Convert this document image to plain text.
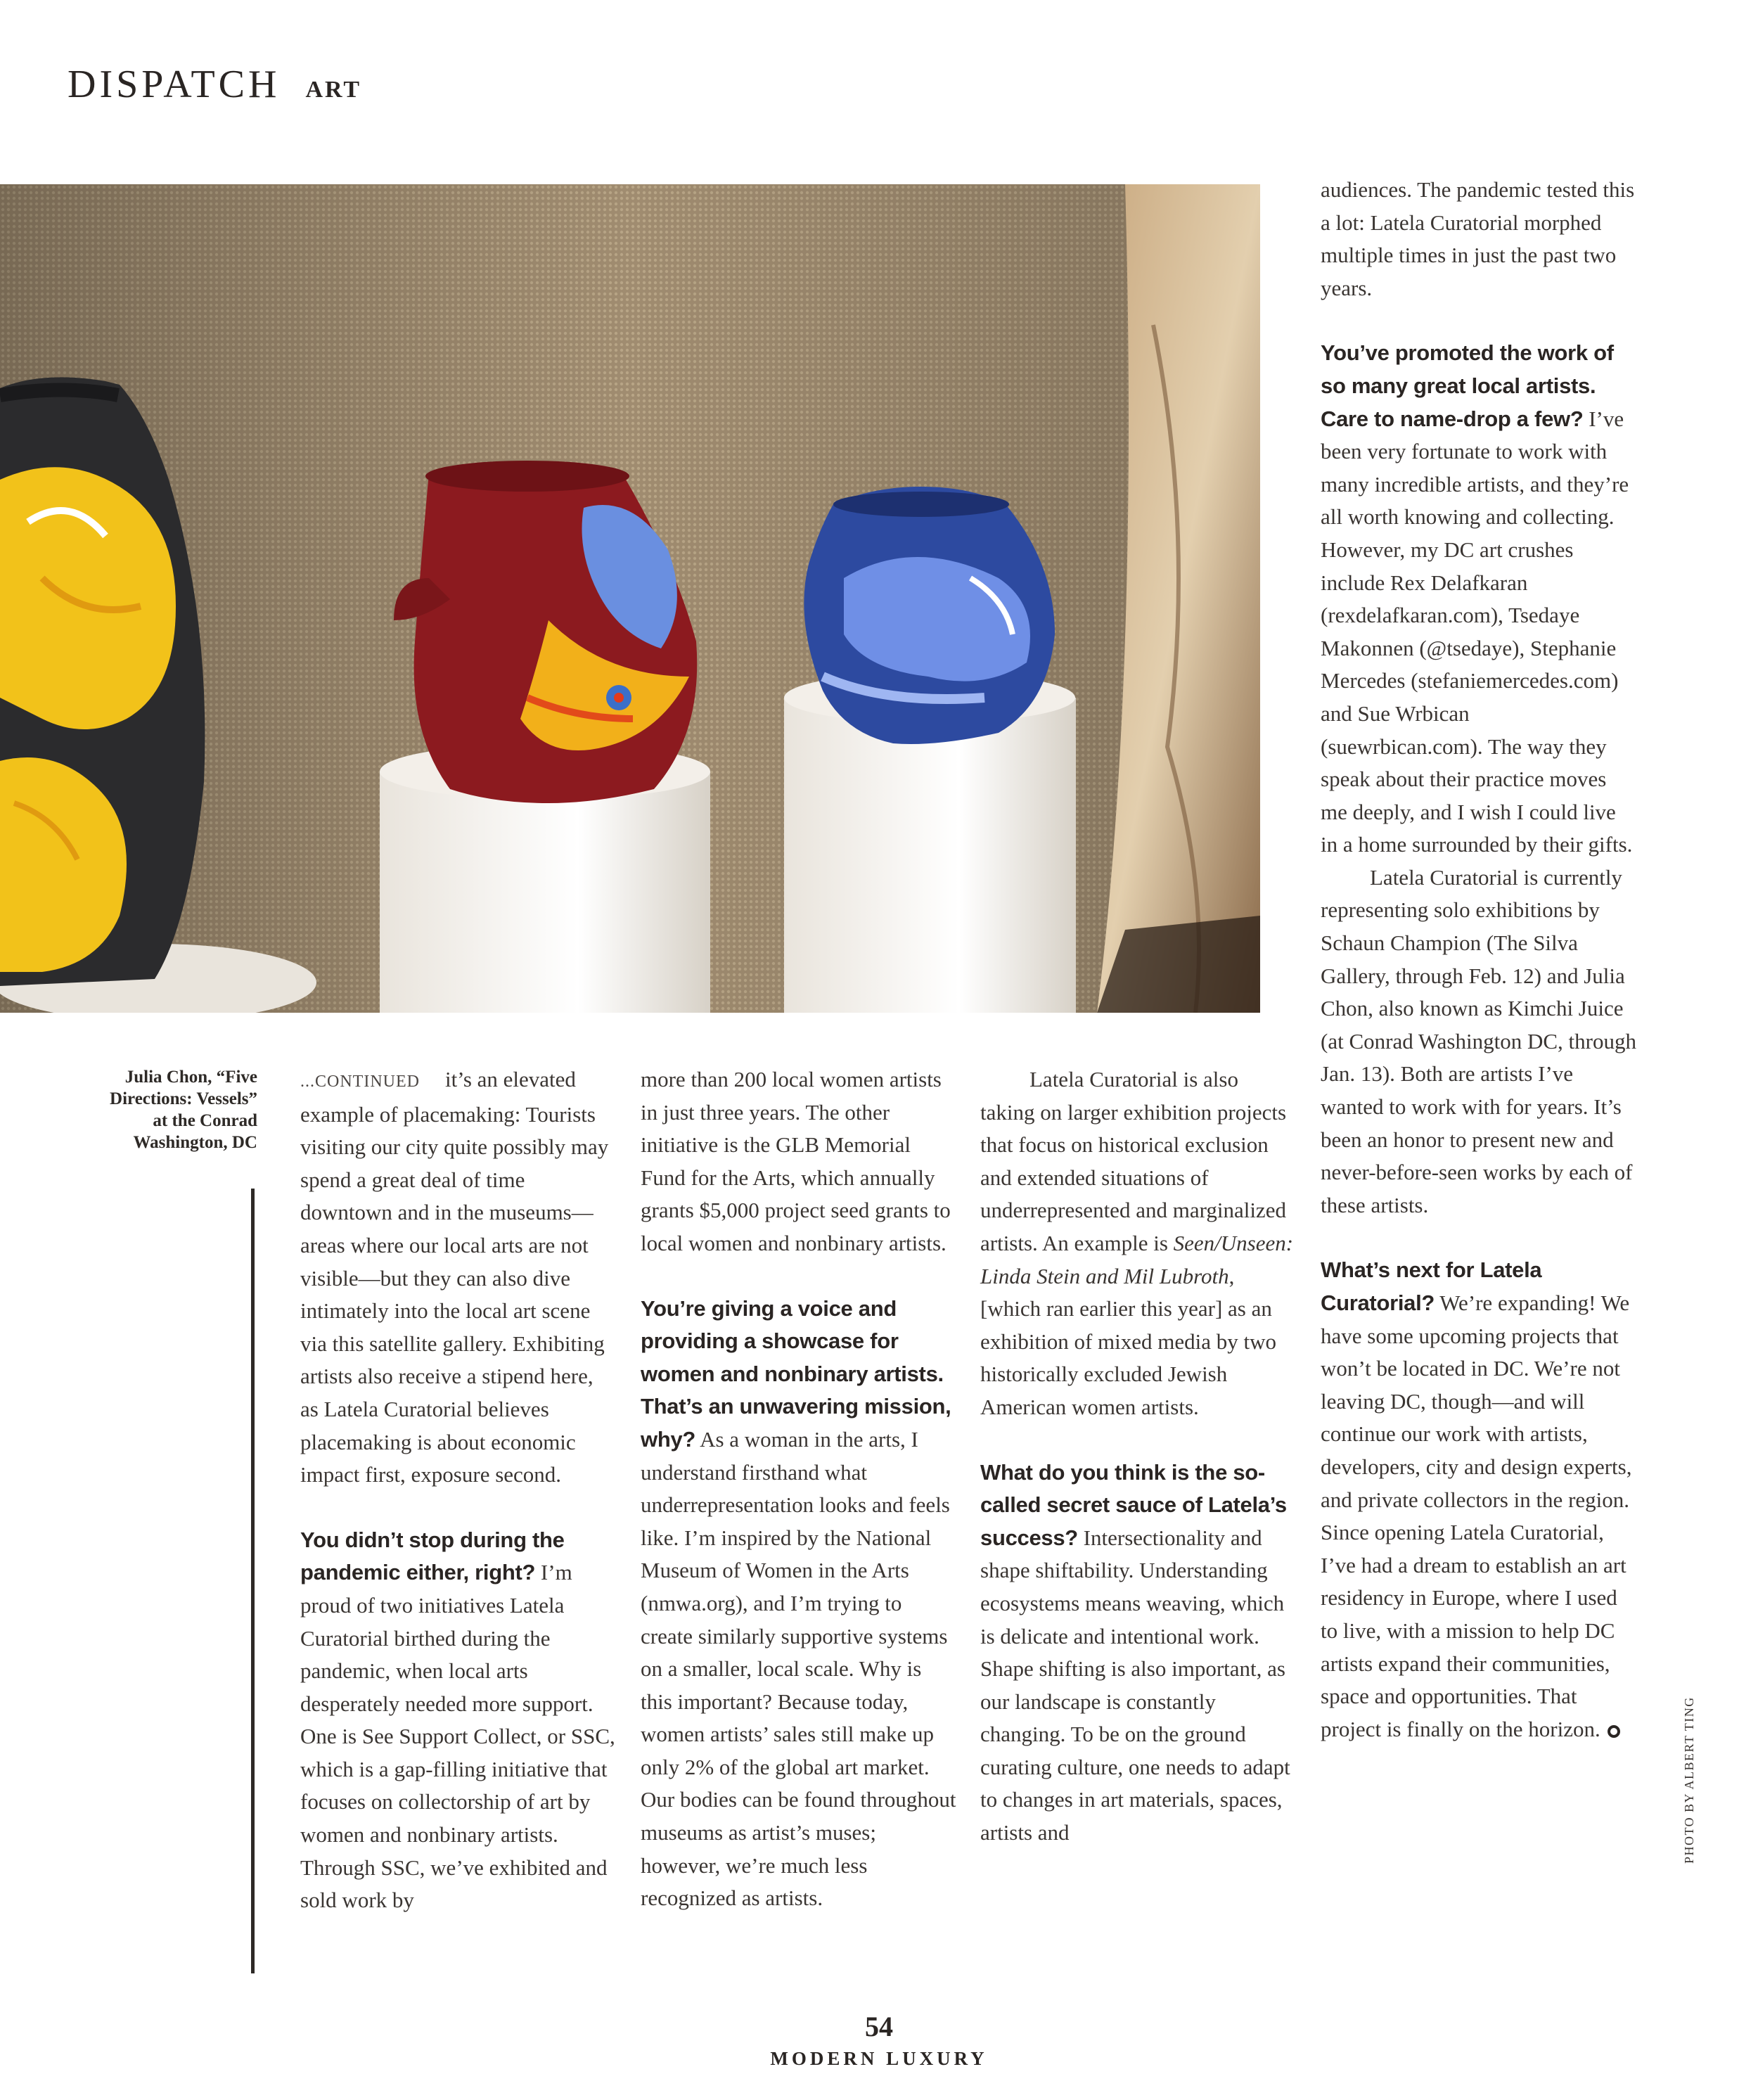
DISPATCH ART
Julia Chon, “Five
Directions: Vessels”
at the Conrad
Washington, DC

...CONTINUED it’s an elevated example of placemaking: Tourists visiting our city quite possibly may spend a great deal of time downtown and in the museums—areas where our local arts are not visible—but they can also dive intimately into the local art scene via this satellite gallery. Exhibiting artists also receive a stipend here, as Latela Curatorial believes placemaking is about economic impact first, exposure second.

You didn’t stop during the pandemic either, right? I’m proud of two initiatives Latela Curatorial birthed during the pandemic, when local arts desperately needed more support. One is See Support Collect, or SSC, which is a gap-filling initiative that focuses on collectorship of art by women and nonbinary artists. Through SSC, we’ve exhibited and sold work by

more than 200 local women artists in just three years. The other initiative is the GLB Memorial Fund for the Arts, which annually grants $5,000 project seed grants to local women and nonbinary artists.

You’re giving a voice and providing a showcase for women and nonbinary artists. That’s an unwavering mission, why? As a woman in the arts, I understand firsthand what underrepresentation looks and feels like. I’m inspired by the National Museum of Women in the Arts (nmwa.org), and I’m trying to create similarly supportive systems on a smaller, local scale. Why is this important? Because today, women artists’ sales still make up only 2% of the global art market. Our bodies can be found throughout museums as artist’s muses; however, we’re much less recognized as artists.

Latela Curatorial is also taking on larger exhibition projects that focus on historical exclusion and extended situations of underrepresented and marginalized artists. An example is Seen/Unseen: Linda Stein and Mil Lubroth, [which ran earlier this year] as an exhibition of mixed media by two historically excluded Jewish American women artists.

What do you think is the so-called secret sauce of Latela’s success? Intersectionality and shape shiftability. Understanding ecosystems means weaving, which is delicate and intentional work. Shape shifting is also important, as our landscape is constantly changing. To be on the ground curating culture, one needs to adapt to changes in art materials, spaces, artists and

audiences. The pandemic tested this a lot: Latela Curatorial morphed multiple times in just the past two years.

You’ve promoted the work of so many great local artists. Care to name-drop a few? I’ve been very fortunate to work with many incredible artists, and they’re all worth knowing and collecting. However, my DC art crushes include Rex Delafkaran (rexdelafkaran.com), Tsedaye Makonnen (@tsedaye), Stephanie Mercedes (stefaniemercedes.com) and Sue Wrbican (suewrbican.com). The way they speak about their practice moves me deeply, and I wish I could live in a home surrounded by their gifts.

Latela Curatorial is currently representing solo exhibitions by Schaun Champion (The Silva Gallery, through Feb. 12) and Julia Chon, also known as Kimchi Juice (at Conrad Washington DC, through Jan. 13). Both are artists I’ve wanted to work with for years. It’s been an honor to present new and never-before-seen works by each of these artists.

What’s next for Latela Curatorial? We’re expanding! We have some upcoming projects that won’t be located in DC. We’re not leaving DC, though—and will continue our work with artists, developers, city and design experts, and private collectors in the region. Since opening Latela Curatorial, I’ve had a dream to establish an art residency in Europe, where I used to live, with a mission to help DC artists expand their communities, space and opportunities. That project is finally on the horizon.	PHOTO BY ALBERT TING
54
MODERN LUXURY
